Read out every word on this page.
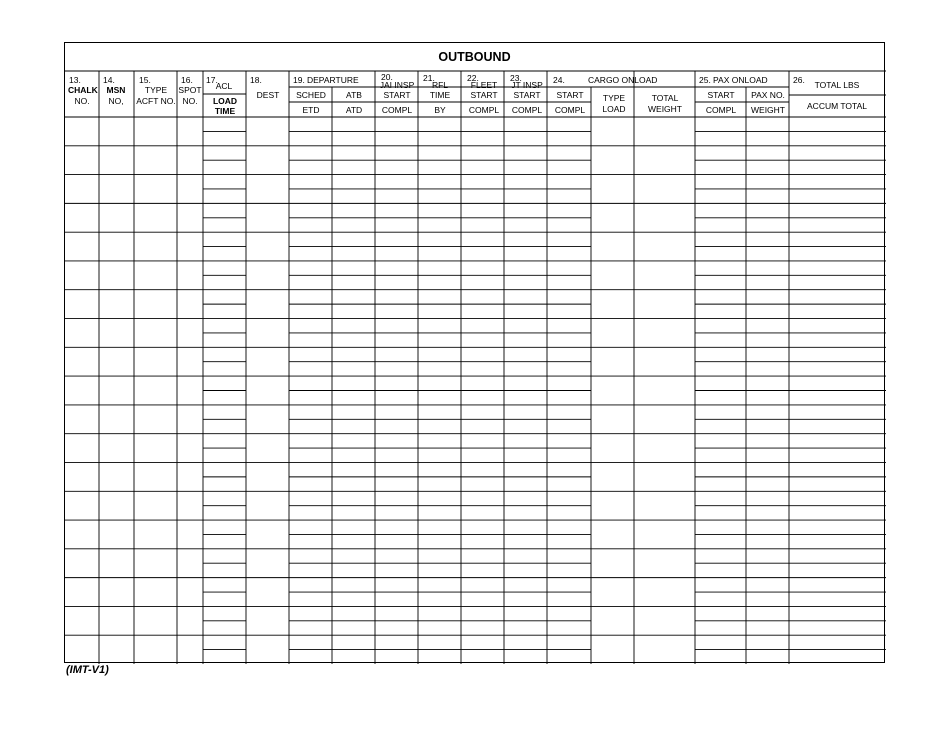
OUTBOUND
13.
CHALK
NO.
14.
MSN
NO,
15.
TYPE
ACFT NO.
16.
SPOT
NO.
17.
ACL
LOAD
TIME
18.
DEST
19. DEPARTURE
SCHED ATB
ETD	ATD
20.
JAI INSP
START
COMPL
21.
RFL
TIME
BY
22.
FLEET
START
COMPL
23.
JT INSP
START
COMPL
24.	CARGO ONLOAD
START
COMPL
TYPE
LOAD
TOTAL
WEIGHT
25. PAX ONLOAD
START
COMPL
PAX NO.
WEIGHT
26. TOTAL LBS
ACCUM TOTAL
(IMT-V1)
